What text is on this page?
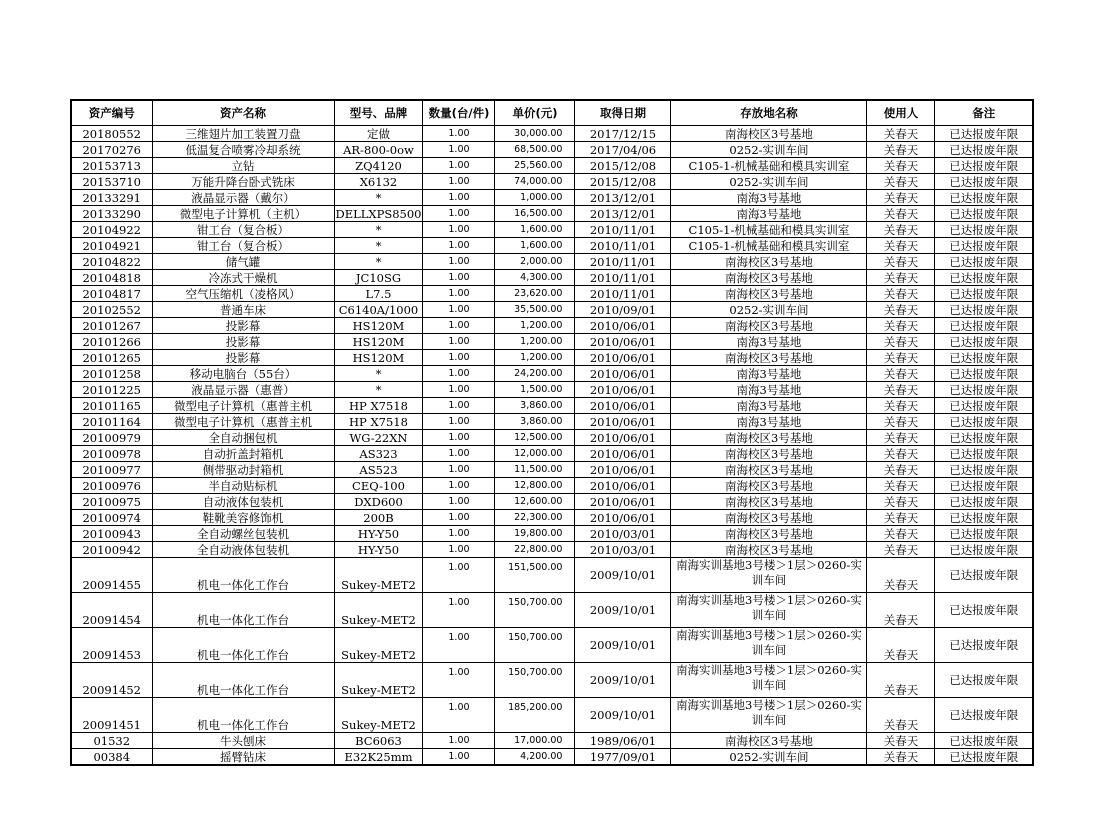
资产编号	资产名称	型号、品牌	数量(台/件)	单价(元)	取得日期	存放地名称	使用人	备注
20180552	三维翅片加工装置刀盘	定做	1.00	30,000.00	2017/12/15	南海校区3号基地	关春天	已达报废年限
20170276	低温复合喷雾冷却系统	AR-800-0ow	1.00	68,500.00	2017/04/06	0252-实训车间	关春天	已达报废年限
20153713	立钻	ZQ4120	1.00	25,560.00	2015/12/08	C105-1-机械基础和模具实训室	关春天	已达报废年限
20153710	万能升降台卧式铣床	X6132	1.00	74,000.00	2015/12/08	0252-实训车间	关春天	已达报废年限
20133291	液晶显示器（戴尔）	*	1.00	1,000.00	2013/12/01	南海3号基地	关春天	已达报废年限
20133290	微型电子计算机（主机）	DELLXPS8500	1.00	16,500.00	2013/12/01	南海3号基地	关春天	已达报废年限
20104922	钳工台（复合板）	*	1.00	1,600.00	2010/11/01	C105-1-机械基础和模具实训室	关春天	已达报废年限
20104921	钳工台（复合板）	*	1.00	1,600.00	2010/11/01	C105-1-机械基础和模具实训室	关春天	已达报废年限
20104822	储气罐	*	1.00	2,000.00	2010/11/01	南海校区3号基地	关春天	已达报废年限
20104818	冷冻式干燥机	JC10SG	1.00	4,300.00	2010/11/01	南海校区3号基地	关春天	已达报废年限
20104817	空气压缩机（凌格风）	L7.5	1.00	23,620.00	2010/11/01	南海校区3号基地	关春天	已达报废年限
20102552	普通车床	C6140A/1000	1.00	35,500.00	2010/09/01	0252-实训车间	关春天	已达报废年限
20101267	投影幕	HS120M	1.00	1,200.00	2010/06/01	南海校区3号基地	关春天	已达报废年限
20101266	投影幕	HS120M	1.00	1,200.00	2010/06/01	南海3号基地	关春天	已达报废年限
20101265	投影幕	HS120M	1.00	1,200.00	2010/06/01	南海校区3号基地	关春天	已达报废年限
20101258	移动电脑台（55台）	*	1.00	24,200.00	2010/06/01	南海3号基地	关春天	已达报废年限
20101225	液晶显示器（惠普）	*	1.00	1,500.00	2010/06/01	南海3号基地	关春天	已达报废年限
20101165	微型电子计算机（惠普主机	HP X7518	1.00	3,860.00	2010/06/01	南海3号基地	关春天	已达报废年限
20101164	微型电子计算机（惠普主机	HP X7518	1.00	3,860.00	2010/06/01	南海3号基地	关春天	已达报废年限
20100979	全自动捆包机	WG-22XN	1.00	12,500.00	2010/06/01	南海校区3号基地	关春天	已达报废年限
20100978	自动折盖封箱机	AS323	1.00	12,000.00	2010/06/01	南海校区3号基地	关春天	已达报废年限
20100977	侧带驱动封箱机	AS523	1.00	11,500.00	2010/06/01	南海校区3号基地	关春天	已达报废年限
20100976	半自动贴标机	CEQ-100	1.00	12,800.00	2010/06/01	南海校区3号基地	关春天	已达报废年限
20100975	自动液体包装机	DXD600	1.00	12,600.00	2010/06/01	南海校区3号基地	关春天	已达报废年限
20100974	鞋靴美容修饰机	200B	1.00	22,300.00	2010/06/01	南海校区3号基地	关春天	已达报废年限
20100943	全自动螺丝包装机	HY-Y50	1.00	19,800.00	2010/03/01	南海校区3号基地	关春天	已达报废年限
20100942	全自动液体包装机	HY-Y50	1.00	22,800.00	2010/03/01	南海校区3号基地	关春天	已达报废年限
20091455	机电一体化工作台	Sukey-MET2	1.00	151,500.00	2009/10/01	南海实训基地3号楼＞1层＞0260-实训车间	关春天	已达报废年限
20091454	机电一体化工作台	Sukey-MET2	1.00	150,700.00	2009/10/01	南海实训基地3号楼＞1层＞0260-实训车间	关春天	已达报废年限
20091453	机电一体化工作台	Sukey-MET2	1.00	150,700.00	2009/10/01	南海实训基地3号楼＞1层＞0260-实训车间	关春天	已达报废年限
20091452	机电一体化工作台	Sukey-MET2	1.00	150,700.00	2009/10/01	南海实训基地3号楼＞1层＞0260-实训车间	关春天	已达报废年限
20091451	机电一体化工作台	Sukey-MET2	1.00	185,200.00	2009/10/01	南海实训基地3号楼＞1层＞0260-实训车间	关春天	已达报废年限
01532	牛头刨床	BC6063	1.00	17,000.00	1989/06/01	南海校区3号基地	关春天	已达报废年限
00384	摇臂钻床	E32K25mm	1.00	4,200.00	1977/09/01	0252-实训车间	关春天	已达报废年限
